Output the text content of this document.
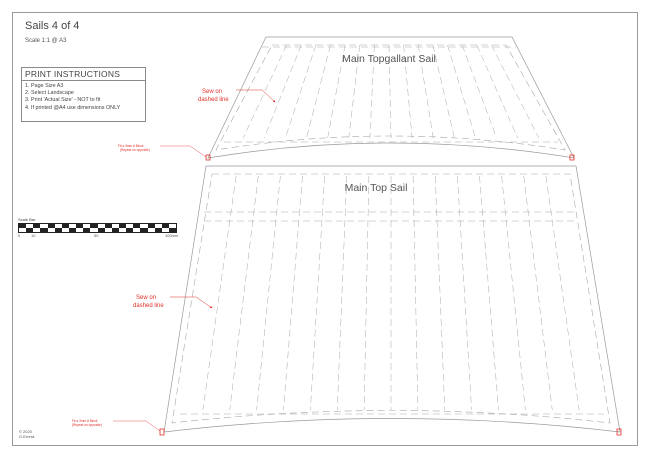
Sails 4 of 4
Scale 1:1 @ A3
PRINT INSTRUCTIONS
1. Page Size A3
2. Select Landscape
3. Print 'Actual Size' - NOT to fit
4. If printed @A4 use dimensions ONLY
Scale Bar
0	10	50	100mm
Main Topgallant Sail
Sew on
dashed line
Fit a 3mm A Block
(Repeat on opposite)
Main Top Sail
Sew on
dashed line
Fit a 3mm A Block
(Repeat on opposite)
© 2020
G.Errera
